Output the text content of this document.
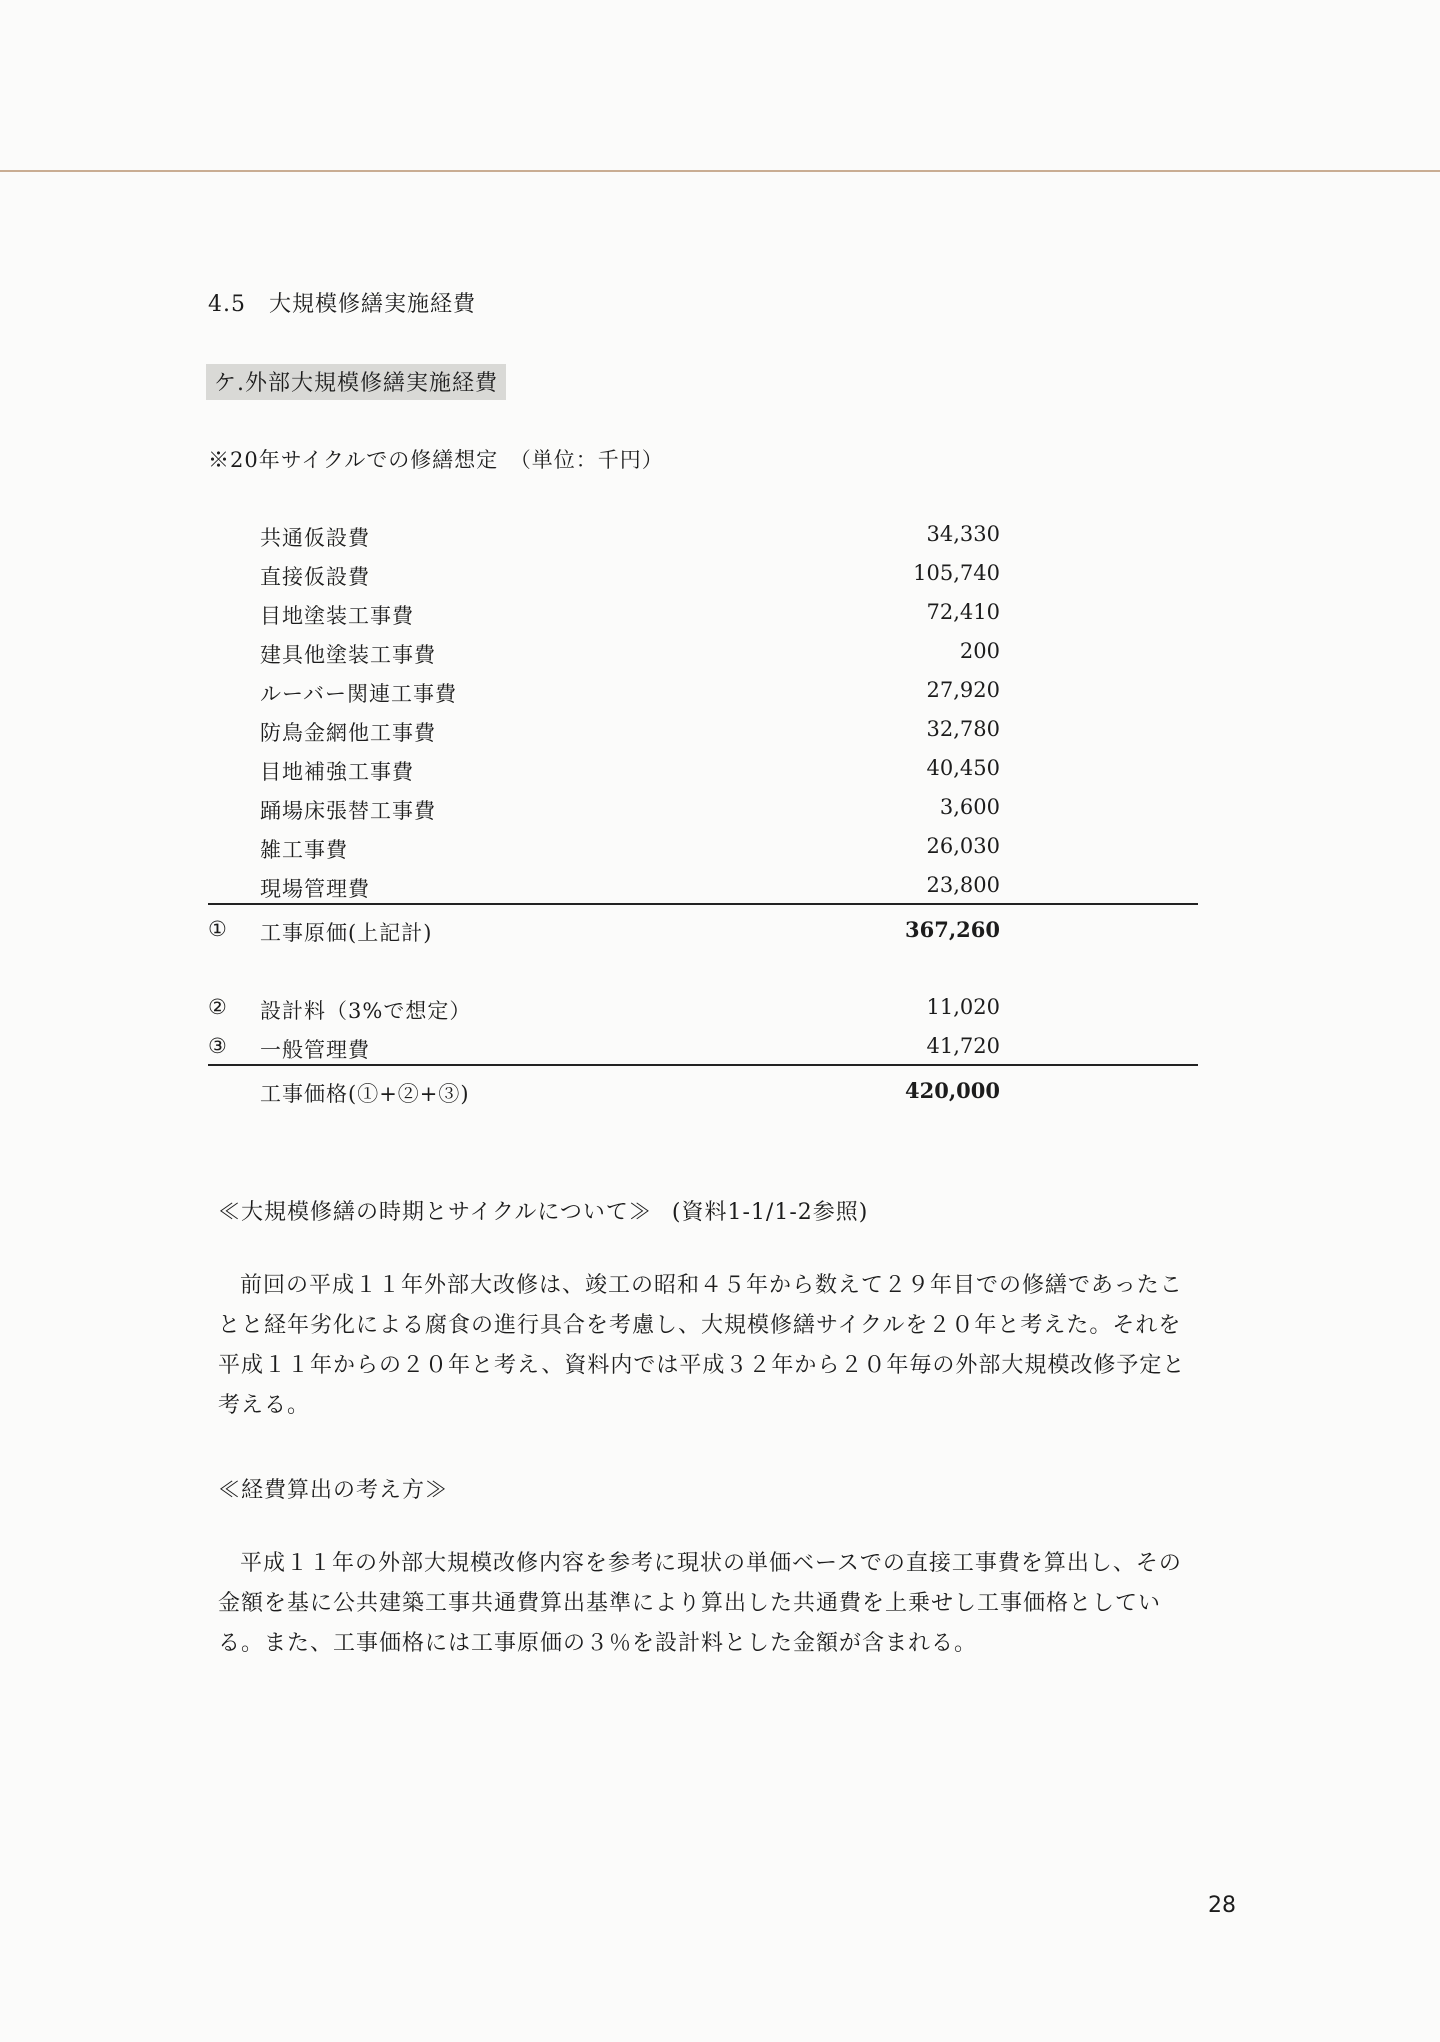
4.5　大規模修繕実施経費
ケ.外部大規模修繕実施経費
※20年サイクルでの修繕想定　（単位：千円）
共通仮設費	34,330
直接仮設費	105,740
目地塗装工事費	72,410
建具他塗装工事費	200
ルーバー関連工事費	27,920
防鳥金網他工事費	32,780
目地補強工事費	40,450
踊場床張替工事費	3,600
雑工事費	26,030
現場管理費	23,800
① 工事原価(上記計)	367,260
② 設計料（3%で想定）	11,020
③ 一般管理費	41,720
工事価格(①+②+③)	420,000
≪大規模修繕の時期とサイクルについて≫ (資料1-1/1-2参照)
前回の平成１１年外部大改修は、竣工の昭和４５年から数えて２９年目での修繕であったことと経年劣化による腐食の進行具合を考慮し、大規模修繕サイクルを２０年と考えた。それを平成１１年からの２０年と考え、資料内では平成３２年から２０年毎の外部大規模改修予定と考える。
≪経費算出の考え方≫
平成１１年の外部大規模改修内容を参考に現状の単価ベースでの直接工事費を算出し、その金額を基に公共建築工事共通費算出基準により算出した共通費を上乗せし工事価格としている。また、工事価格には工事原価の３％を設計料とした金額が含まれる。
28
